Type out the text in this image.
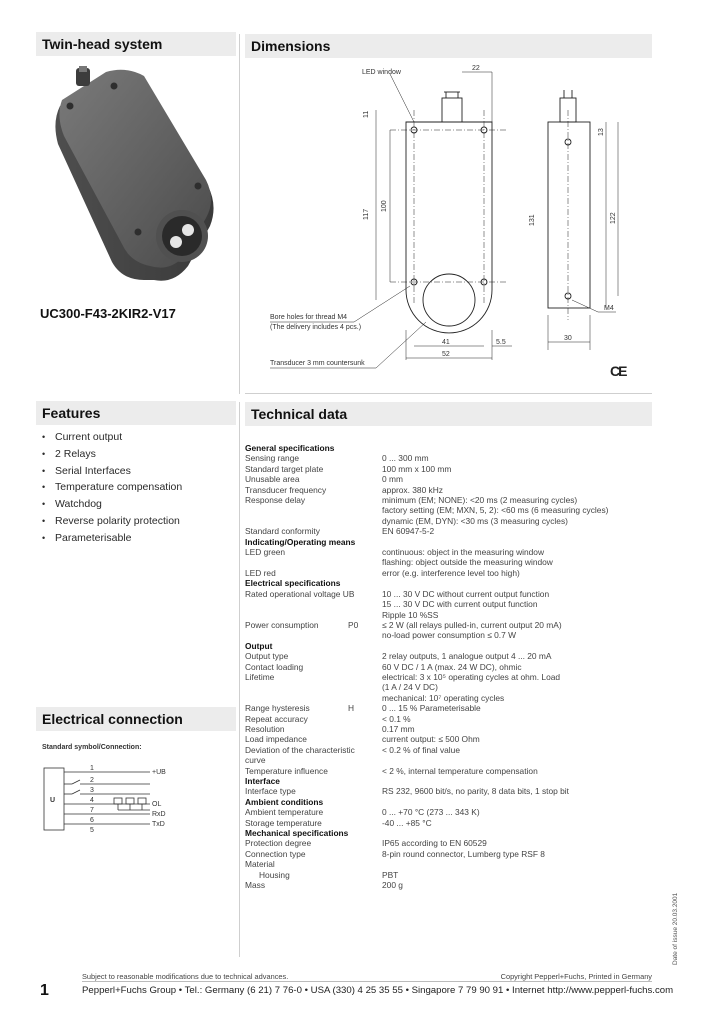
Twin-head system	Dimensions
Features	Technical data
Electrical connection
UC300-F43-2KIR2-V17
• Current output
• 2 Relays
• Serial Interfaces
• Temperature compensation
• Watchdog
• Reverse polarity protection
• Parameterisable
LED window
22
11
117
100
131
13
122
41	5.5
52
30
M4
Bore holes for thread M4
(The delivery includes 4 pcs.)
Transducer 3 mm countersunk	CE
Standard symbol/Connection:
U
1
2
3
4
7
6
5
+UB
OL
RxD
TxD
General specifications
Sensing range	0 ... 300 mm
Standard target plate	100 mm x 100 mm
Unusable area	0 mm
Transducer frequency	approx. 380 kHz
Response delay	minimum (EM; NONE): <20 ms (2 measuring cycles)
factory setting (EM; MXN, 5, 2): <60 ms (6 measuring cycles)
dynamic (EM, DYN): <30 ms (3 measuring cycles)
Standard conformity	EN 60947-5-2
Indicating/Operating means
LED green	continuous: object in the measuring window
flashing: object outside the measuring window
LED red	error (e.g. interference level too high)
Electrical specifications
Rated operational voltage UB	10 ... 30 V DC without current output function
15 ... 30 V DC with current output function
Ripple 10 %SS
Power consumption	P0	≤ 2 W (all relays pulled-in, current output 20 mA)
no-load power consumption ≤ 0.7 W
Output
Output type	2 relay outputs, 1 analogue output 4 ... 20 mA
Contact loading	60 V DC / 1 A (max. 24 W DC), ohmic
Lifetime	electrical: 3 x 10⁵ operating cycles at ohm. Load
(1 A / 24 V DC)
mechanical: 10⁷ operating cycles
Range hysteresis	H	0 ... 15 % Parameterisable
Repeat accuracy	< 0.1 %
Resolution	0.17 mm
Load impedance	current output: ≤ 500 Ohm
Deviation of the characteristic	< 0.2 % of final value
curve
Temperature influence	< 2 %, internal temperature compensation
Interface
Interface type	RS 232, 9600 bit/s, no parity, 8 data bits, 1 stop bit
Ambient conditions
Ambient temperature	0 ... +70 °C (273 ... 343 K)
Storage temperature	-40 ... +85 °C
Mechanical specifications
Protection degree	IP65 according to EN 60529
Connection type	8-pin round connector, Lumberg type RSF 8
Material
Housing	PBT
Mass	200 g
Date of issue 20.03.2001
Subject to reasonable modifications due to technical advances.	Copyright Pepperl+Fuchs, Printed in Germany
1	Pepperl+Fuchs Group • Tel.: Germany (6 21) 7 76-0 • USA (330) 4 25 35 55 • Singapore 7 79 90 91 • Internet http://www.pepperl-fuchs.com
